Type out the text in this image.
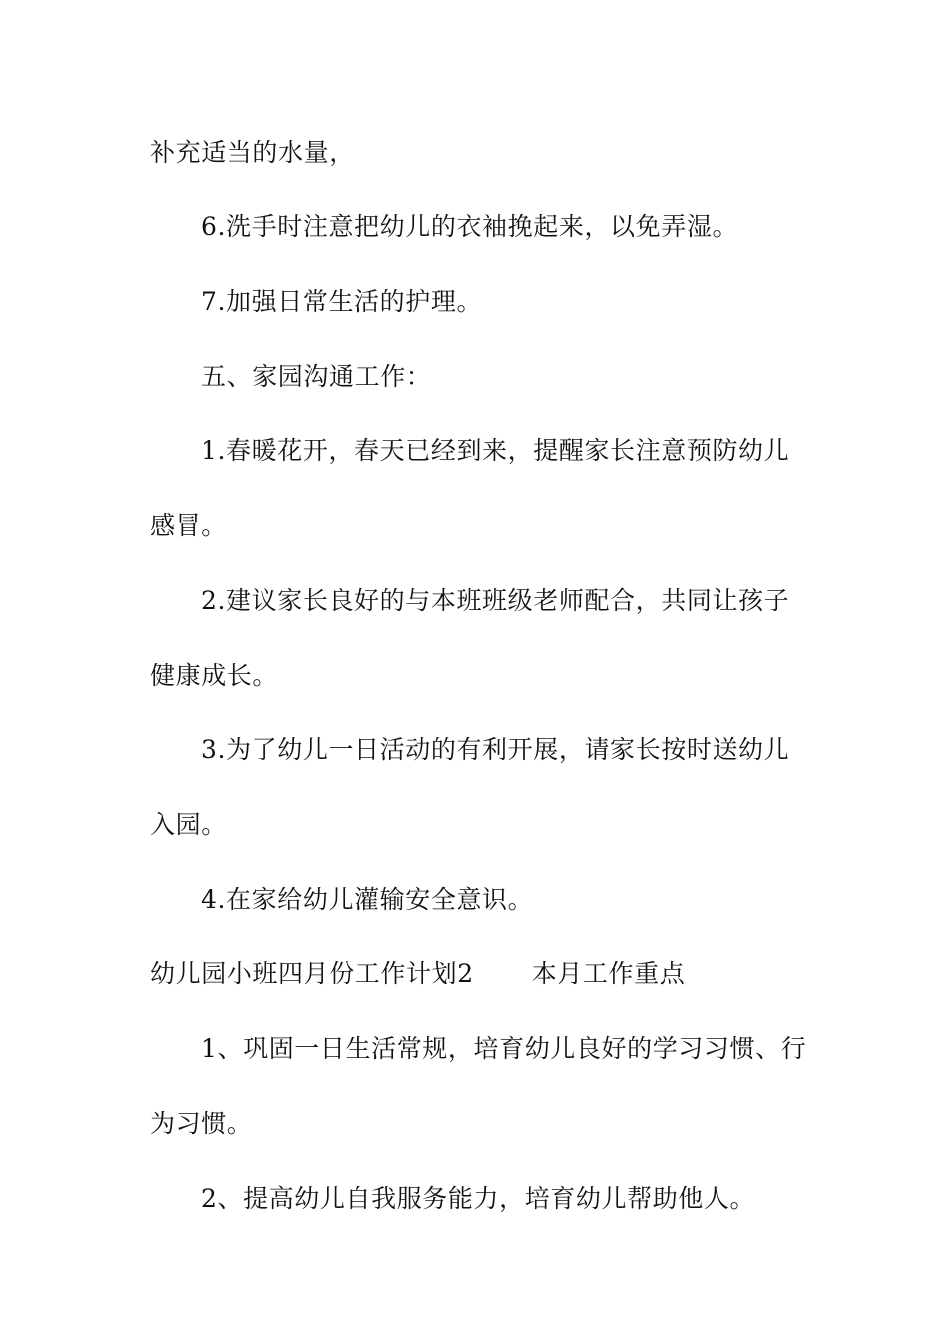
补充适当的水量，
6.洗手时注意把幼儿的衣袖挽起来，以免弄湿。
7.加强日常生活的护理。
五、家园沟通工作：
1.春暖花开，春天已经到来，提醒家长注意预防幼儿
感冒。
2.建议家长良好的与本班班级老师配合，共同让孩子
健康成长。
3.为了幼儿一日活动的有利开展，请家长按时送幼儿
入园。
4.在家给幼儿灌输安全意识。
幼儿园小班四月份工作计划2 本月工作重点
1、巩固一日生活常规，培育幼儿良好的学习习惯、行
为习惯。
2、提高幼儿自我服务能力，培育幼儿帮助他人。
